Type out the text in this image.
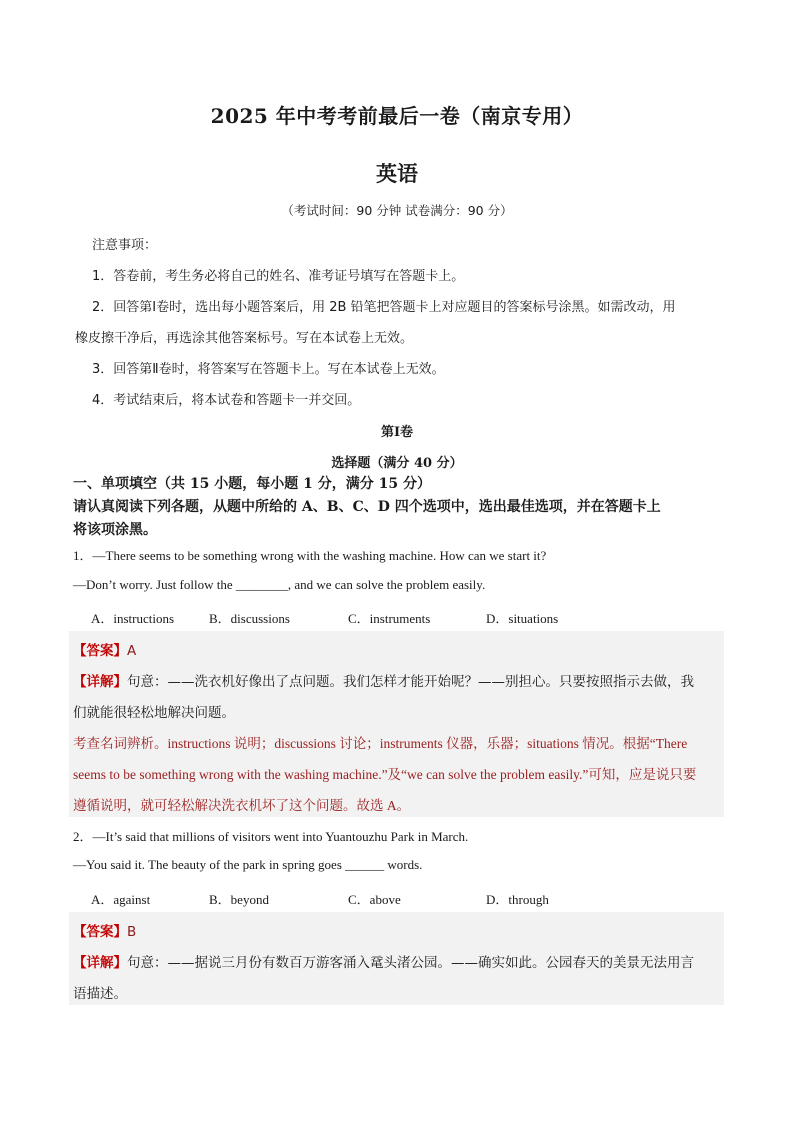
2025 年中考考前最后一卷（南京专用）
英语
（考试时间：90 分钟 试卷满分：90 分）
注意事项：
1．答卷前，考生务必将自己的姓名、准考证号填写在答题卡上。
2．回答第Ⅰ卷时，选出每小题答案后，用 2B 铅笔把答题卡上对应题目的答案标号涂黑。如需改动，用
橡皮擦干净后，再选涂其他答案标号。写在本试卷上无效。
3．回答第Ⅱ卷时，将答案写在答题卡上。写在本试卷上无效。
4．考试结束后，将本试卷和答题卡一并交回。
第Ⅰ卷
选择题（满分 40 分）
一、单项填空（共 15 小题，每小题 1 分，满分 15 分）
请认真阅读下列各题，从题中所给的 A、B、C、D 四个选项中，选出最佳选项，并在答题卡上
将该项涂黑。
1．—There seems to be something wrong with the washing machine. How can we start it?
—Don’t worry. Just follow the ________, and we can solve the problem easily.
A．instructions	B．discussions	C．instruments	D．situations
【答案】A
【详解】句意：——洗衣机好像出了点问题。我们怎样才能开始呢？——别担心。只要按照指示去做，我
们就能很轻松地解决问题。
考查名词辨析。instructions 说明；discussions 讨论；instruments 仪器，乐器；situations 情况。根据“There
seems to be something wrong with the washing machine.”及“we can solve the problem easily.”可知，应是说只要
遵循说明，就可轻松解决洗衣机坏了这个问题。故选 A。
2．—It’s said that millions of visitors went into Yuantouzhu Park in March.
—You said it. The beauty of the park in spring goes ______ words.
A．against	B．beyond	C．above	D．through
【答案】B
【详解】句意：——据说三月份有数百万游客涌入鼋头渚公园。——确实如此。公园春天的美景无法用言
语描述。
